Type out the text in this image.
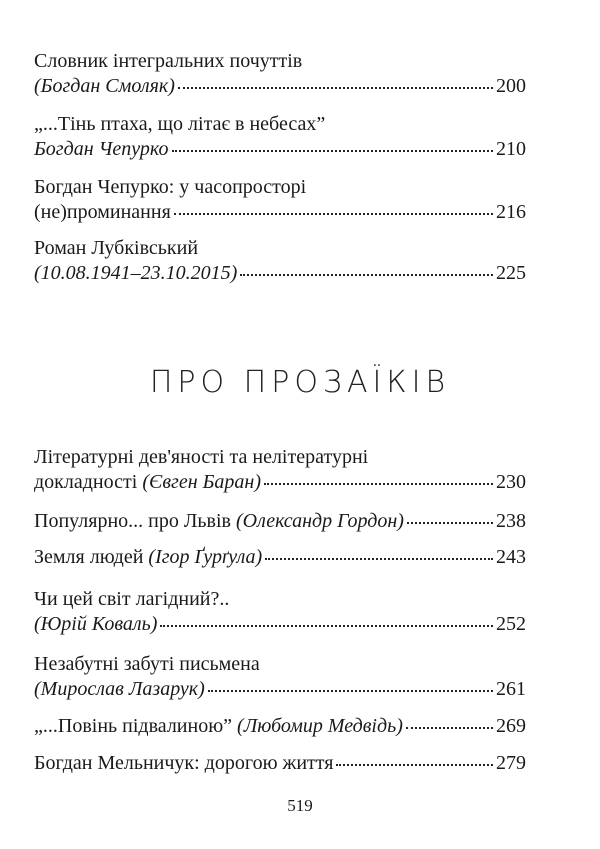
Словник інтегральних почуттів
(Богдан Смоляк)	200
„...Тінь птаха, що літає в небесах”
Богдан Чепурко	210
Богдан Чепурко: у часопросторі
(не)проминання	216
Роман Лубківський
(10.08.1941–23.10.2015)	225
ПРО ПРОЗАЇКІВ
Літературні дев'яності та нелітературні
докладності (Євген Баран)	230
Популярно... про Львів (Олександр Гордон)	238
Земля людей (Ігор Ґурґула)	243
Чи цей світ лагідний?..
(Юрій Коваль)	252
Незабутні забуті письмена
(Мирослав Лазарук)	261
„...Повінь підвалиною” (Любомир Медвідь)	269
Богдан Мельничук: дорогою життя	279
519
